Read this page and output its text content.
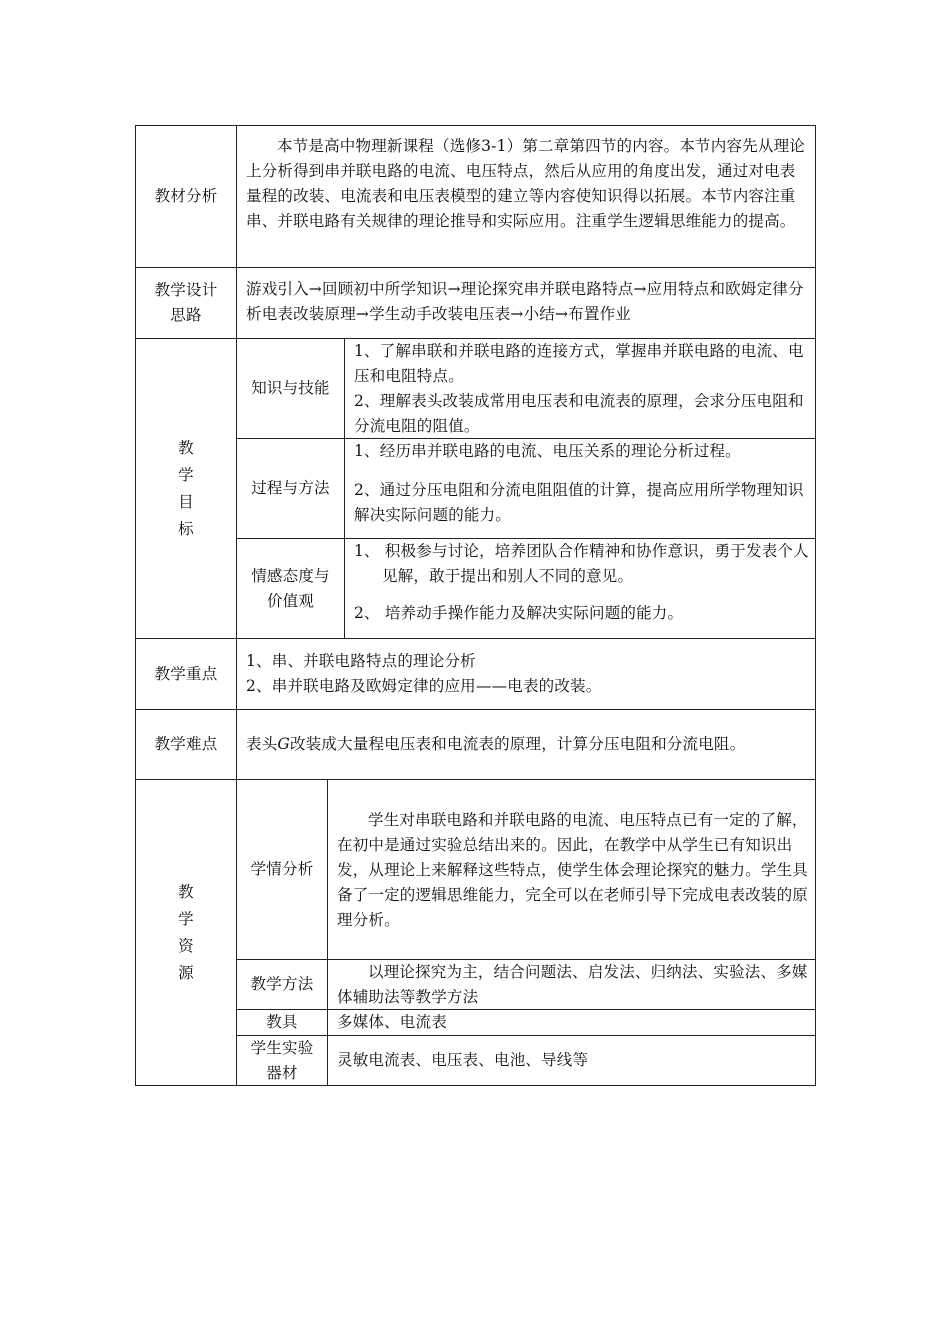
教材分析

本节是高中物理新课程（选修3-1）第二章第四节的内容。本节内容先从理论上分析得到串并联电路的电流、电压特点，然后从应用的角度出发，通过对电表量程的改装、电流表和电压表模型的建立等内容使知识得以拓展。本节内容注重串、并联电路有关规律的理论推导和实际应用。注重学生逻辑思维能力的提高。

教学设计
思路
游戏引入→回顾初中所学知识→理论探究串并联电路特点→应用特点和欧姆定律分析电表改装原理→学生动手改装电压表→小结→布置作业
教
学
目
标
知识与技能

1、了解串联和并联电路的连接方式，掌握串并联电路的电流、电压和电阻特点。

2、理解表头改装成常用电压表和电流表的原理，会求分压电阻和分流电阻的阻值。

过程与方法

1、经历串并联电路的电流、电压关系的理论分析过程。

2、通过分压电阻和分流电阻阻值的计算，提高应用所学物理知识解决实际问题的能力。

情感态度与
价值观

1、 积极参与讨论，培养团队合作精神和协作意识，勇于发表个人见解，敢于提出和别人不同的意见。

2、 培养动手操作能力及解决实际问题的能力。

教学重点

1、串、并联电路特点的理论分析

2、串并联电路及欧姆定律的应用——电表的改装。

教学难点	表头G改装成大量程电压表和电流表的原理，计算分压电阻和分流电阻。
教
学
资
源
学情分析

学生对串联电路和并联电路的电流、电压特点已有一定的了解，在初中是通过实验总结出来的。因此，在教学中从学生已有知识出发，从理论上来解释这些特点，使学生体会理论探究的魅力。学生具备了一定的逻辑思维能力，完全可以在老师引导下完成电表改装的原理分析。

教学方法

以理论探究为主，结合问题法、启发法、归纳法、实验法、多媒体辅助法等教学方法

教具	多媒体、电流表
学生实验
器材
灵敏电流表、电压表、电池、导线等
